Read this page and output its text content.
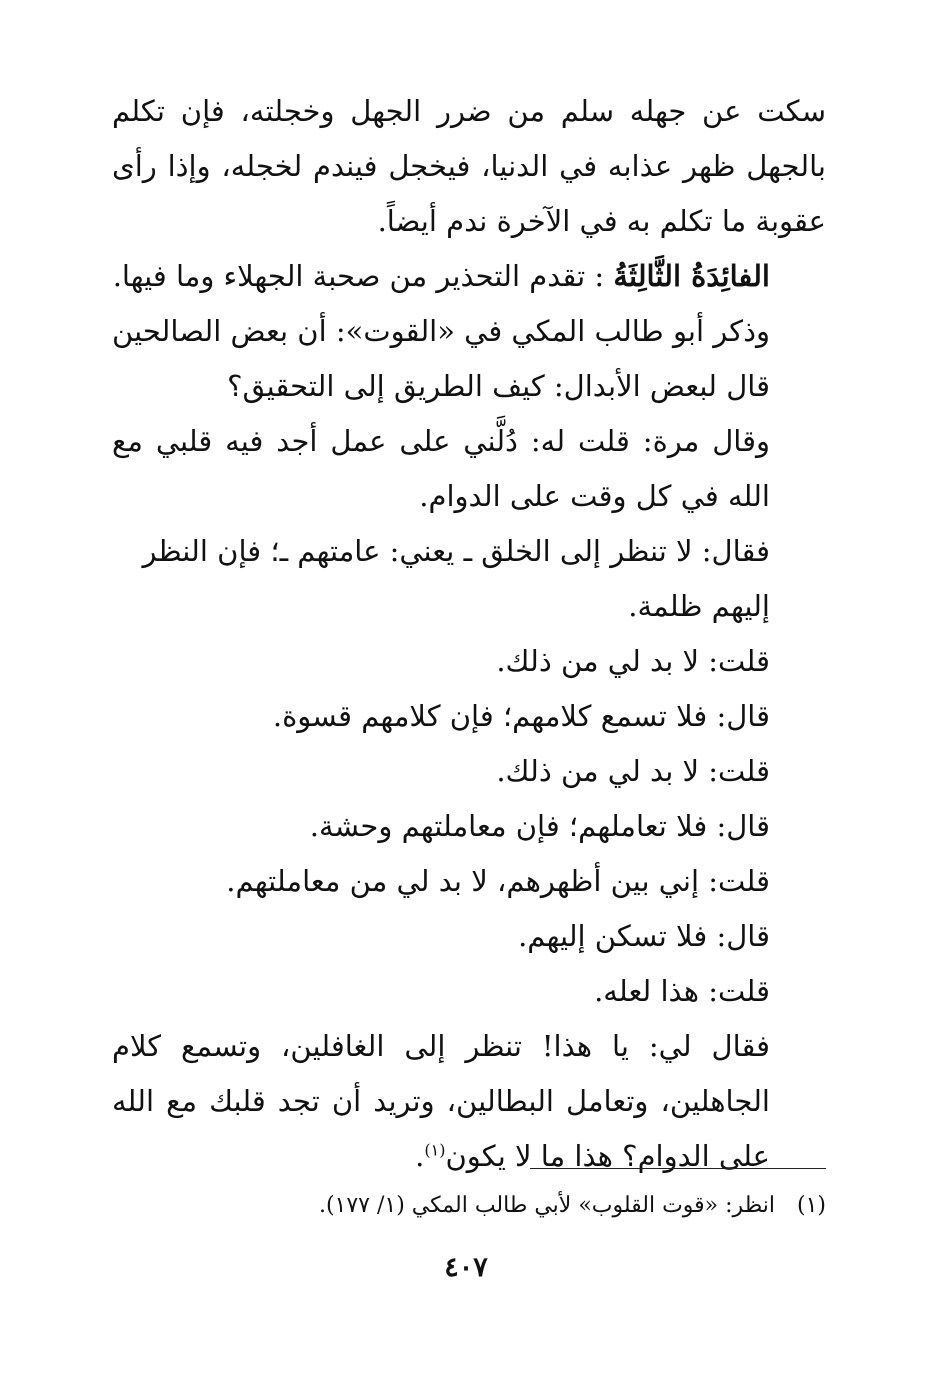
سكت عن جهله سلم من ضرر الجهل وخجلته، فإن تكلم بالجهل ظهر عذابه في الدنيا، فيخجل فيندم لخجله، وإذا رأى عقوبة ما تكلم به في الآخرة ندم أيضاً.

الفائِدَةُ الثَّالِثَةُ : تقدم التحذير من صحبة الجهلاء وما فيها.

وذكر أبو طالب المكي في «القوت»: أن بعض الصالحين قال لبعض الأبدال: كيف الطريق إلى التحقيق؟

وقال مرة: قلت له: دُلَّني على عمل أجد فيه قلبي مع الله في كل وقت على الدوام.

فقال: لا تنظر إلى الخلق ـ يعني: عامتهم ـ؛ فإن النظر إليهم ظلمة.

قلت: لا بد لي من ذلك.

قال: فلا تسمع كلامهم؛ فإن كلامهم قسوة.

قلت: لا بد لي من ذلك.

قال: فلا تعاملهم؛ فإن معاملتهم وحشة.

قلت: إني بين أظهرهم، لا بد لي من معاملتهم.

قال: فلا تسكن إليهم.

قلت: هذا لعله.

فقال لي: يا هذا! تنظر إلى الغافلين، وتسمع كلام الجاهلين، وتعامل البطالين، وتريد أن تجد قلبك مع الله على الدوام؟ هذا ما لا يكون$^{(١)}$.

(١)انظر: «قوت القلوب» لأبي طالب المكي (١/ ١٧٧).
٤٠٧
